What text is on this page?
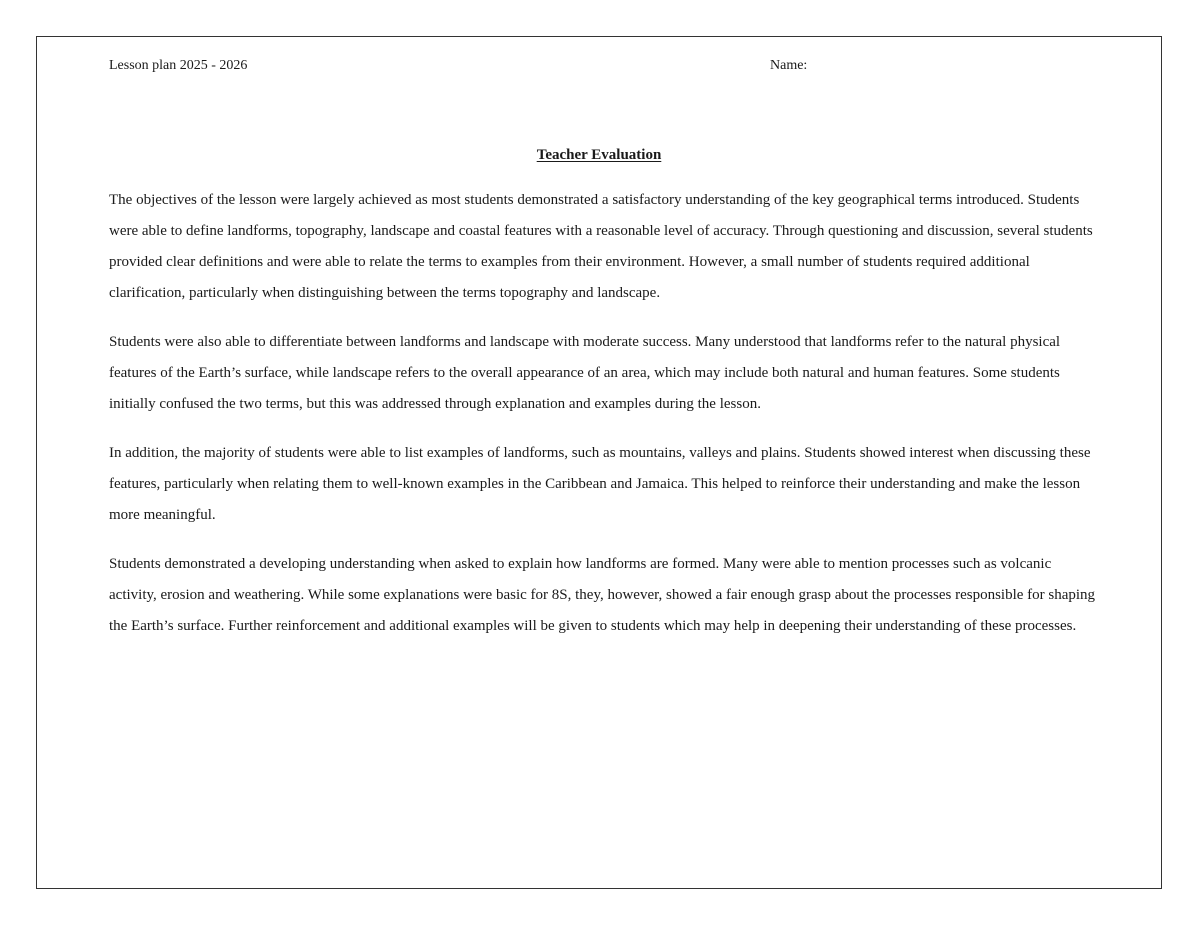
Lesson plan 2025 - 2026	Name:
Teacher Evaluation

The objectives of the lesson were largely achieved as most students demonstrated a satisfactory understanding of the key geographical terms introduced. Students were able to define landforms, topography, landscape and coastal features with a reasonable level of accuracy. Through questioning and discussion, several students provided clear definitions and were able to relate the terms to examples from their environment. However, a small number of students required additional clarification, particularly when distinguishing between the terms topography and landscape.

Students were also able to differentiate between landforms and landscape with moderate success. Many understood that landforms refer to the natural physical features of the Earth’s surface, while landscape refers to the overall appearance of an area, which may include both natural and human features. Some students initially confused the two terms, but this was addressed through explanation and examples during the lesson.

In addition, the majority of students were able to list examples of landforms, such as mountains, valleys and plains. Students showed interest when discussing these features, particularly when relating them to well-known examples in the Caribbean and Jamaica. This helped to reinforce their understanding and make the lesson more meaningful.

Students demonstrated a developing understanding when asked to explain how landforms are formed. Many were able to mention processes such as volcanic activity, erosion and weathering. While some explanations were basic for 8S, they, however, showed a fair enough grasp about the processes responsible for shaping the Earth’s surface. Further reinforcement and additional examples will be given to students which may help in deepening their understanding of these processes.
